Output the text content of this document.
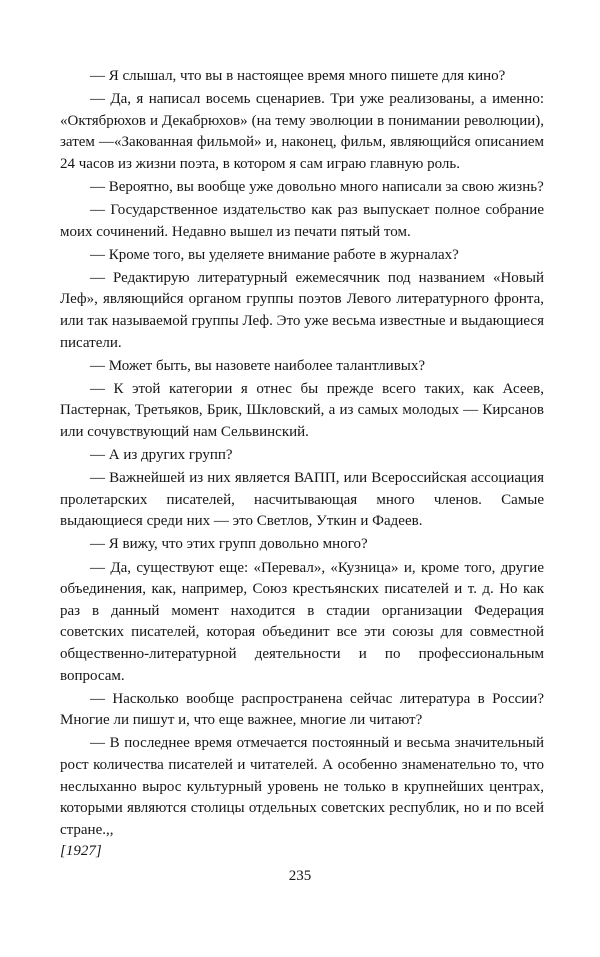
— Я слышал, что вы в настоящее время много пишете для кино?

— Да, я написал восемь сценариев. Три уже реализованы, а именно: «Октябрюхов и Декабрюхов» (на тему эволюции в понимании революции), затем —«Закованная фильмой» и, наконец, фильм, являющийся описанием 24 часов из жизни поэта, в котором я сам играю главную роль.

— Вероятно, вы вообще уже довольно много написали за свою жизнь?

— Государственное издательство как раз выпускает полное собрание моих сочинений. Недавно вышел из печати пятый том.

— Кроме того, вы уделяете внимание работе в журналах?

— Редактирую литературный ежемесячник под названием «Новый Леф», являющийся органом группы поэтов Левого литературного фронта, или так называемой группы Леф. Это уже весьма известные и выдающиеся писатели.

— Может быть, вы назовете наиболее талантливых?

— К этой категории я отнес бы прежде всего таких, как Асеев, Пастернак, Третьяков, Брик, Шкловский, а из самых молодых — Кирсанов или сочувствующий нам Сельвинский.

— А из других групп?

— Важнейшей из них является ВАПП, или Всероссийская ассоциация пролетарских писателей, насчитывающая много членов. Самые выдающиеся среди них — это Светлов, Уткин и Фадеев.

— Я вижу, что этих групп довольно много?

— Да, существуют еще: «Перевал», «Кузница» и, кроме того, другие объединения, как, например, Союз крестьянских писателей и т. д. Но как раз в данный момент находится в стадии организации Федерация советских писателей, которая объединит все эти союзы для совместной общественно-литературной деятельности и по профессиональным вопросам.

— Насколько вообще распространена сейчас литература в России? Многие ли пишут и, что еще важнее, многие ли читают?

— В последнее время отмечается постоянный и весьма значительный рост количества писателей и читателей. А особенно знаменательно то, что неслыханно вырос культурный уровень не только в крупнейших центрах, которыми являются столицы отдельных советских республик, но и по всей стране.,,

[1927]
235
